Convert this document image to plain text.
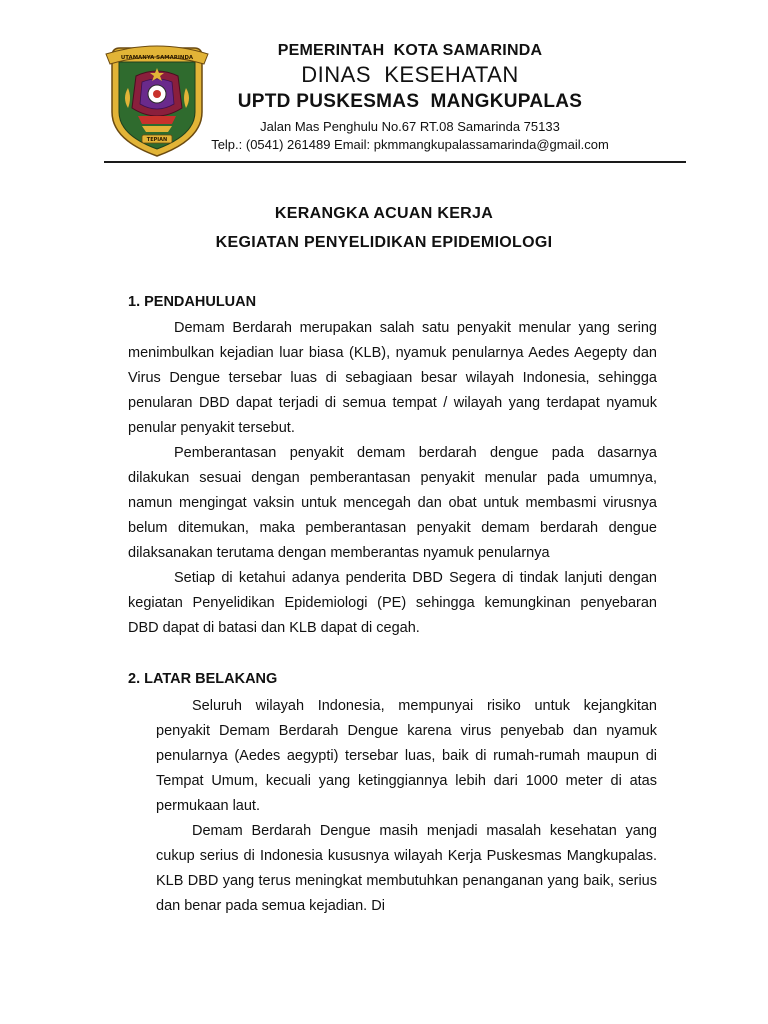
UTAMANYA SAMARINDA
TEPIAN
PEMERINTAH  KOTA SAMARINDA
DINAS  KESEHATAN
UPTD PUSKESMAS  MANGKUPALAS
Jalan Mas Penghulu No.67 RT.08 Samarinda 75133
Telp.: (0541) 261489 Email: pkmmangkupalassamarinda@gmail.com
KERANGKA ACUAN KERJA
KEGIATAN PENYELIDIKAN EPIDEMIOLOGI
1. PENDAHULUAN

Demam Berdarah merupakan salah satu penyakit menular yang sering menimbulkan kejadian luar biasa (KLB), nyamuk penularnya Aedes Aegepty dan Virus Dengue tersebar luas di sebagiaan besar wilayah Indonesia, sehingga penularan DBD dapat terjadi di semua tempat / wilayah yang terdapat nyamuk penular penyakit tersebut.

Pemberantasan penyakit demam berdarah dengue pada dasarnya dilakukan sesuai dengan pemberantasan penyakit menular pada umumnya, namun mengingat vaksin untuk mencegah dan obat untuk membasmi virusnya belum ditemukan, maka pemberantasan penyakit demam berdarah dengue dilaksanakan terutama dengan memberantas nyamuk penularnya

Setiap di ketahui adanya penderita DBD Segera di tindak lanjuti dengan kegiatan Penyelidikan Epidemiologi (PE) sehingga kemungkinan penyebaran DBD dapat di batasi dan KLB dapat di cegah.

2. LATAR BELAKANG

Seluruh wilayah Indonesia, mempunyai risiko untuk kejangkitan penyakit Demam Berdarah Dengue karena virus penyebab dan nyamuk penularnya (Aedes aegypti) tersebar luas, baik di rumah-rumah maupun di Tempat Umum, kecuali yang ketinggiannya lebih dari 1000 meter di atas permukaan laut.

Demam Berdarah Dengue masih menjadi masalah kesehatan yang cukup serius di Indonesia kususnya wilayah Kerja Puskesmas Mangkupalas. KLB DBD yang terus meningkat membutuhkan penanganan yang baik, serius dan benar pada semua kejadian. Di
